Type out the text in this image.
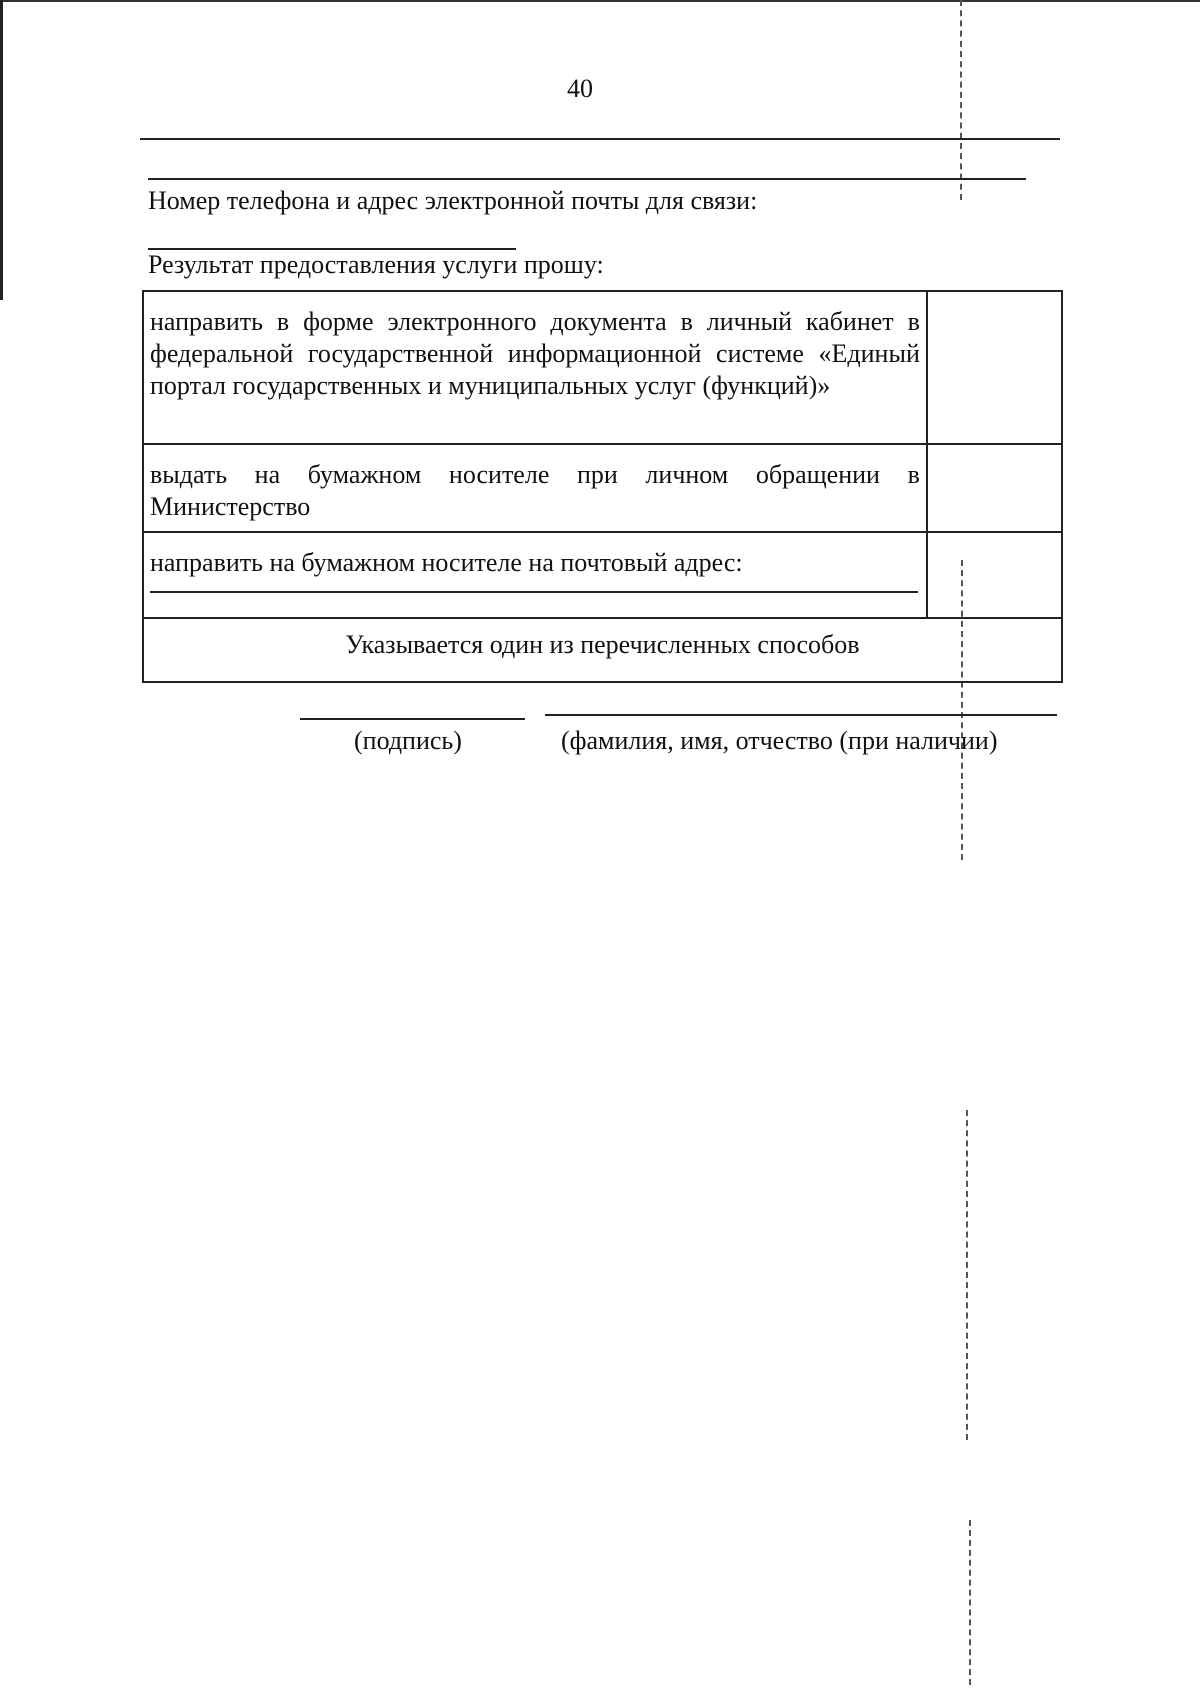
40
Номер телефона и адрес электронной почты для связи:
Результат предоставления услуги прошу:
направить в форме электронного документа в личный кабинет в федеральной государственной информационной системе «Единый портал государственных и муниципальных услуг (функций)»	
выдать на бумажном носителе при личном обращении в Министерство	
направить на бумажном носителе на почтовый адрес:

Указывается один из перечисленных способов	
(подпись)	(фамилия, имя, отчество (при наличии)
